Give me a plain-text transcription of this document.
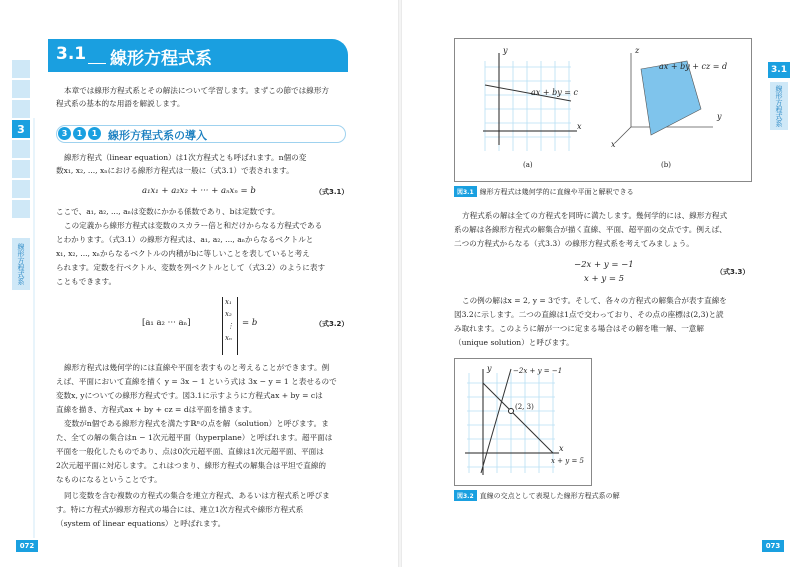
3
線形方程式系
3.1 線形方程式系
本章では線形方程式系とその解法について学習します。まずこの節では線形方
程式系の基本的な用語を解説します。
3	1	1 線形方程式系の導入
線形方程式（linear equation）は1次方程式とも呼ばれます。n個の変
数x₁, x₂, ..., xₙにおける線形方程式は一般に（式3.1）で表されます。
a₁x₁ + a₂x₂ + ··· + aₙxₙ = b	（式3.1）
ここで、a₁, a₂, ..., aₙは変数にかかる係数であり、bは定数です。
この定義から線形方程式は変数のスカラー倍と和だけからなる方程式である
とわかります。（式3.1）の線形方程式は、a₁, a₂, ..., aₙからなるベクトルと
x₁, x₂, ..., xₙからなるベクトルの内積がbに等しいことを表していると考え
られます。定数を行ベクトル、変数を列ベクトルとして（式3.2）のように表す
こともできます。
[a₁ a₂ ··· aₙ]
x₁
x₂
⋮
xₙ
= b	（式3.2）
線形方程式は幾何学的には直線や平面を表すものと考えることができます。例
えば、平面において直線を描く y = 3x − 1 という式は 3x − y = 1 と表せるので
変数x, yについての線形方程式です。図3.1に示すように方程式ax + by = cは
直線を描き、方程式ax + by + cz = dは平面を描きます。
変数がn個である線形方程式を満たすℝⁿの点を解（solution）と呼びます。ま
た、全ての解の集合はn − 1次元超平面（hyperplane）と呼ばれます。超平面は
平面を一般化したものであり、点は0次元超平面、直線は1次元超平面、平面は
2次元超平面に対応します。これはつまり、線形方程式の解集合は平坦で直線的
なものになるということです。
同じ変数を含む複数の方程式の集合を連立方程式、あるいは方程式系と呼びま
す。特に方程式が線形方程式の場合には、連立1次方程式や線形方程式系
（system of linear equations）と呼ばれます。
072
3.1
線形方程式系
y
x
ax + by = c
(a)
z
y
x
ax + by + cz = d
(b)
図3.1 線形方程式は幾何学的に直線や平面と解釈できる
方程式系の解は全ての方程式を同時に満たします。幾何学的には、線形方程式
系の解は各線形方程式の解集合が描く直線、平面、超平面の交点です。例えば、
二つの方程式からなる（式3.3）の線形方程式系を考えてみましょう。
−2x + y = −1
x + y = 5
（式3.3）
この例の解はx = 2, y = 3です。そして、各々の方程式の解集合が表す直線を
図3.2に示します。二つの直線は1点で交わっており、その点の座標は(2,3)と読
み取れます。このように解が一つに定まる場合はその解を唯一解、一意解
（unique solution）と呼びます。
y
x
(2, 3)
−2x + y = −1
x + y = 5
図3.2 直線の交点として表現した線形方程式系の解
073
